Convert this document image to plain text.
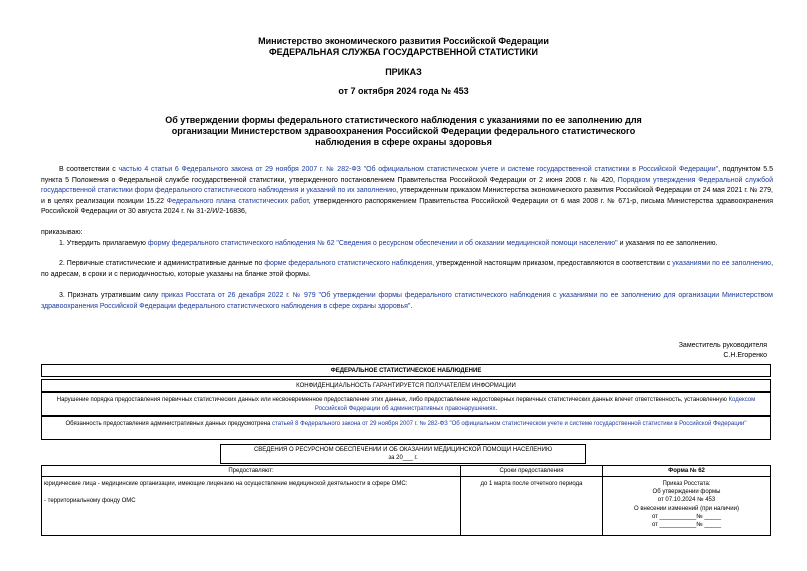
Министерство экономического развития Российской Федерации
ФЕДЕРАЛЬНАЯ СЛУЖБА ГОСУДАРСТВЕННОЙ СТАТИСТИКИ
ПРИКАЗ
от 7 октября 2024 года № 453
Об утверждении формы федерального статистического наблюдения с указаниями по ее заполнению для организации Министерством здравоохранения Российской Федерации федерального статистического наблюдения в сфере охраны здоровья
В соответствии с частью 4 статьи 6 Федерального закона от 29 ноября 2007 г. № 282-ФЗ "Об официальном статистическом учете и системе государственной статистики в Российской Федерации", подпунктом 5.5 пункта 5 Положения о Федеральной службе государственной статистики, утвержденного постановлением Правительства Российской Федерации от 2 июня 2008 г. № 420, Порядком утверждения Федеральной службой государственной статистики форм федерального статистического наблюдения и указаний по их заполнению, утвержденным приказом Министерства экономического развития Российской Федерации от 24 мая 2021 г. № 279, и в целях реализации позиции 15.22 Федерального плана статистических работ, утвержденного распоряжением Правительства Российской Федерации от 6 мая 2008 г. № 671-р, письма Министерства здравоохранения Российской Федерации от 30 августа 2024 г. № 31-2/И/2-16836,
приказываю:
1. Утвердить прилагаемую форму федерального статистического наблюдения № 62 "Сведения о ресурсном обеспечении и об оказании медицинской помощи населению" и указания по ее заполнению.
2. Первичные статистические и административные данные по форме федерального статистического наблюдения, утвержденной настоящим приказом, предоставляются в соответствии с указаниями по ее заполнению, по адресам, в сроки и с периодичностью, которые указаны на бланке этой формы.
3. Признать утратившим силу приказ Росстата от 26 декабря 2022 г. № 979 "Об утверждении формы федерального статистического наблюдения с указаниями по ее заполнению для организации Министерством здравоохранения Российской Федерации федерального статистического наблюдения в сфере охраны здоровья".
Заместитель руководителя
С.Н.Егоренко
ФЕДЕРАЛЬНОЕ СТАТИСТИЧЕСКОЕ НАБЛЮДЕНИЕ
КОНФИДЕНЦИАЛЬНОСТЬ ГАРАНТИРУЕТСЯ ПОЛУЧАТЕЛЕМ ИНФОРМАЦИИ
Нарушение порядка предоставления первичных статистических данных или несвоевременное предоставление этих данных, либо предоставление недостоверных первичных статистических данных влечет ответственность, установленную Кодексом Российской Федерации об административных правонарушениях.
Обязанность предоставления административных данных предусмотрена статьей 8 Федерального закона от 29 ноября 2007 г. № 282-ФЗ "Об официальном статистическом учете и системе государственной статистики в Российской Федерации"
СВЕДЕНИЯ О РЕСУРСНОМ ОБЕСПЕЧЕНИИ И ОБ ОКАЗАНИИ МЕДИЦИНСКОЙ ПОМОЩИ НАСЕЛЕНИЮ
за 20___ г.
Предоставляют:
юридические лица - медицинские организации, имеющие лицензию на осуществление медицинской деятельности в сфере ОМС:
- территориальному фонду ОМС
Сроки предоставления
до 1 марта после отчетного периода
Форма № 62
Приказ Росстата:
Об утверждении формы
от 07.10.2024 № 453
О внесении изменений (при наличии)
от ___________№ _____
от ___________№ _____
